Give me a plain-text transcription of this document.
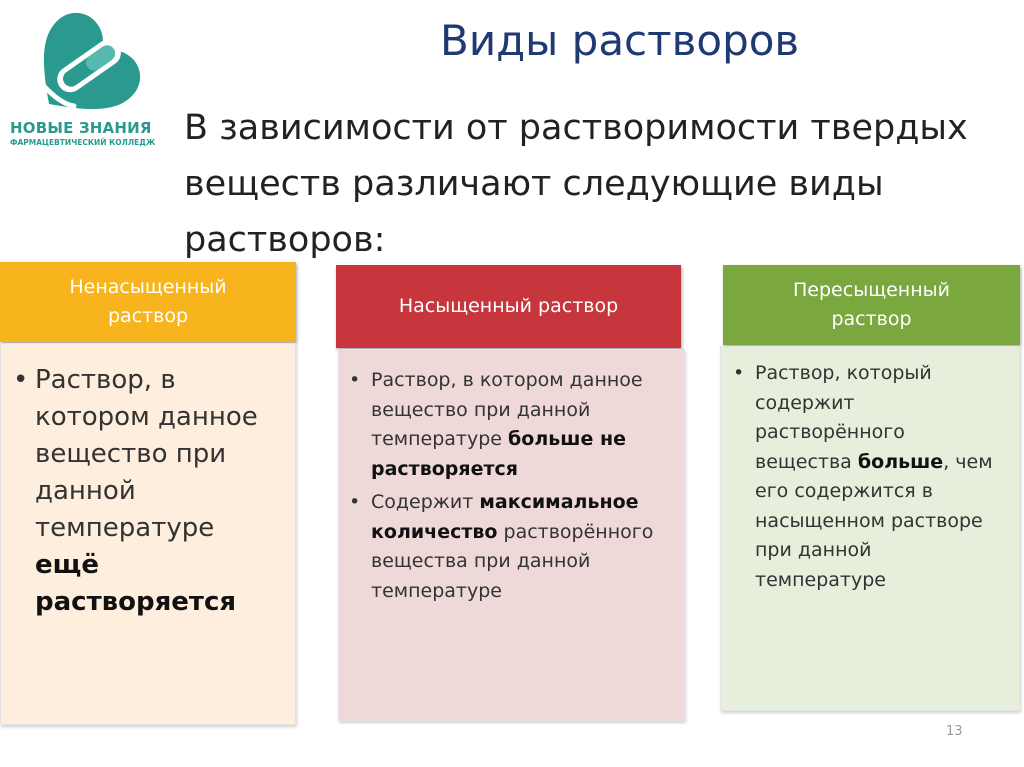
НОВЫЕ ЗНАНИЯ
ФАРМАЦЕВТИЧЕСКИЙ КОЛЛЕДЖ
Виды растворов
В зависимости от растворимости твердых веществ различают следующие виды растворов:
Ненасыщенный раствор
• Раствор, в котором данное вещество при данной температуре ещё растворяется
Насыщенный раствор
• Раствор, в котором данное вещество при данной температуре больше не растворяется
• Содержит максимальное количество растворённого вещества при данной температуре
Пересыщенный раствор
• Раствор, который содержит растворённого вещества больше, чем его содержится в насыщенном растворе при данной температуре
13
